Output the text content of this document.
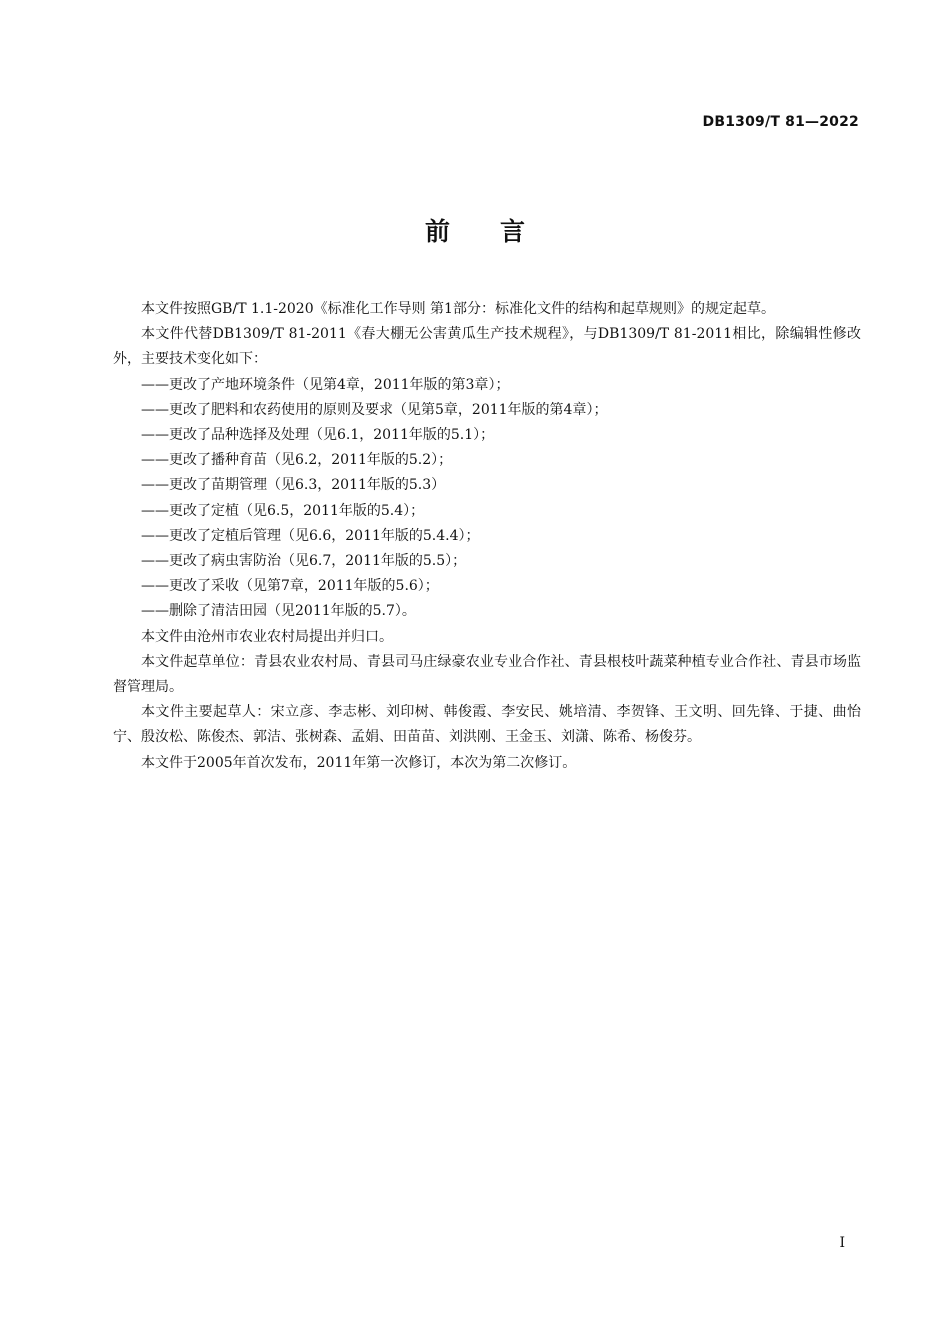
DB1309/T 81—2022
前言

本文件按照GB/T 1.1-2020《标准化工作导则 第1部分：标准化文件的结构和起草规则》的规定起草。

本文件代替DB1309/T 81-2011《春大棚无公害黄瓜生产技术规程》，与DB1309/T 81-2011相比，除编辑性修改外，主要技术变化如下：

——更改了产地环境条件（见第4章，2011年版的第3章）；

——更改了肥料和农药使用的原则及要求（见第5章，2011年版的第4章）；

——更改了品种选择及处理（见6.1，2011年版的5.1）；

——更改了播种育苗（见6.2，2011年版的5.2）；

——更改了苗期管理（见6.3，2011年版的5.3）

——更改了定植（见6.5，2011年版的5.4）；

——更改了定植后管理（见6.6，2011年版的5.4.4）；

——更改了病虫害防治（见6.7，2011年版的5.5）；

——更改了采收（见第7章，2011年版的5.6）；

——删除了清洁田园（见2011年版的5.7）。

本文件由沧州市农业农村局提出并归口。

本文件起草单位：青县农业农村局、青县司马庄绿豪农业专业合作社、青县根枝叶蔬菜种植专业合作社、青县市场监督管理局。

本文件主要起草人：宋立彦、李志彬、刘印树、韩俊霞、李安民、姚培清、李贺锋、王文明、回先锋、于捷、曲怡宁、殷汝松、陈俊杰、郭洁、张树森、孟娟、田苗苗、刘洪刚、王金玉、刘潇、陈希、杨俊芬。

本文件于2005年首次发布，2011年第一次修订，本次为第二次修订。

I
